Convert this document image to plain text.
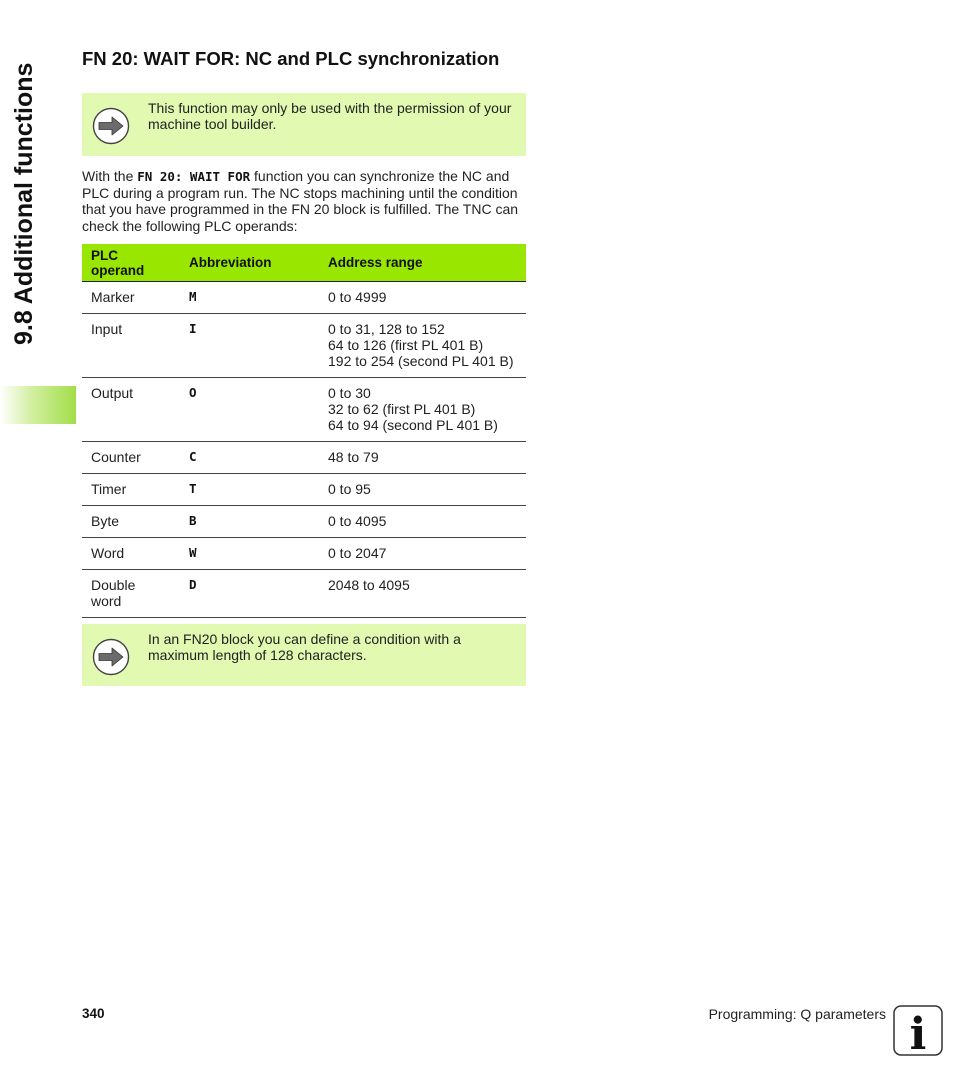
9.8 Additional functions
FN 20: WAIT FOR: NC and PLC synchronization
This function may only be used with the permission of your machine tool builder.
With the FN 20: WAIT FOR function you can synchronize the NC and PLC during a program run. The NC stops machining until the condition that you have programmed in the FN 20 block is fulfilled. The TNC can check the following PLC operands:
PLC operand	Abbreviation	Address range
Marker	M	0 to 4999

Input	I	0 to 31, 128 to 152
64 to 126 (first PL 401 B)
192 to 254 (second PL 401 B)

Output	O	0 to 30
32 to 62 (first PL 401 B)
64 to 94 (second PL 401 B)

Counter	C	48 to 79

Timer	T	0 to 95

Byte	B	0 to 4095

Word	W	0 to 2047

Double word	D	2048 to 4095
In an FN20 block you can define a condition with a maximum length of 128 characters.
340	Programming: Q parameters i
